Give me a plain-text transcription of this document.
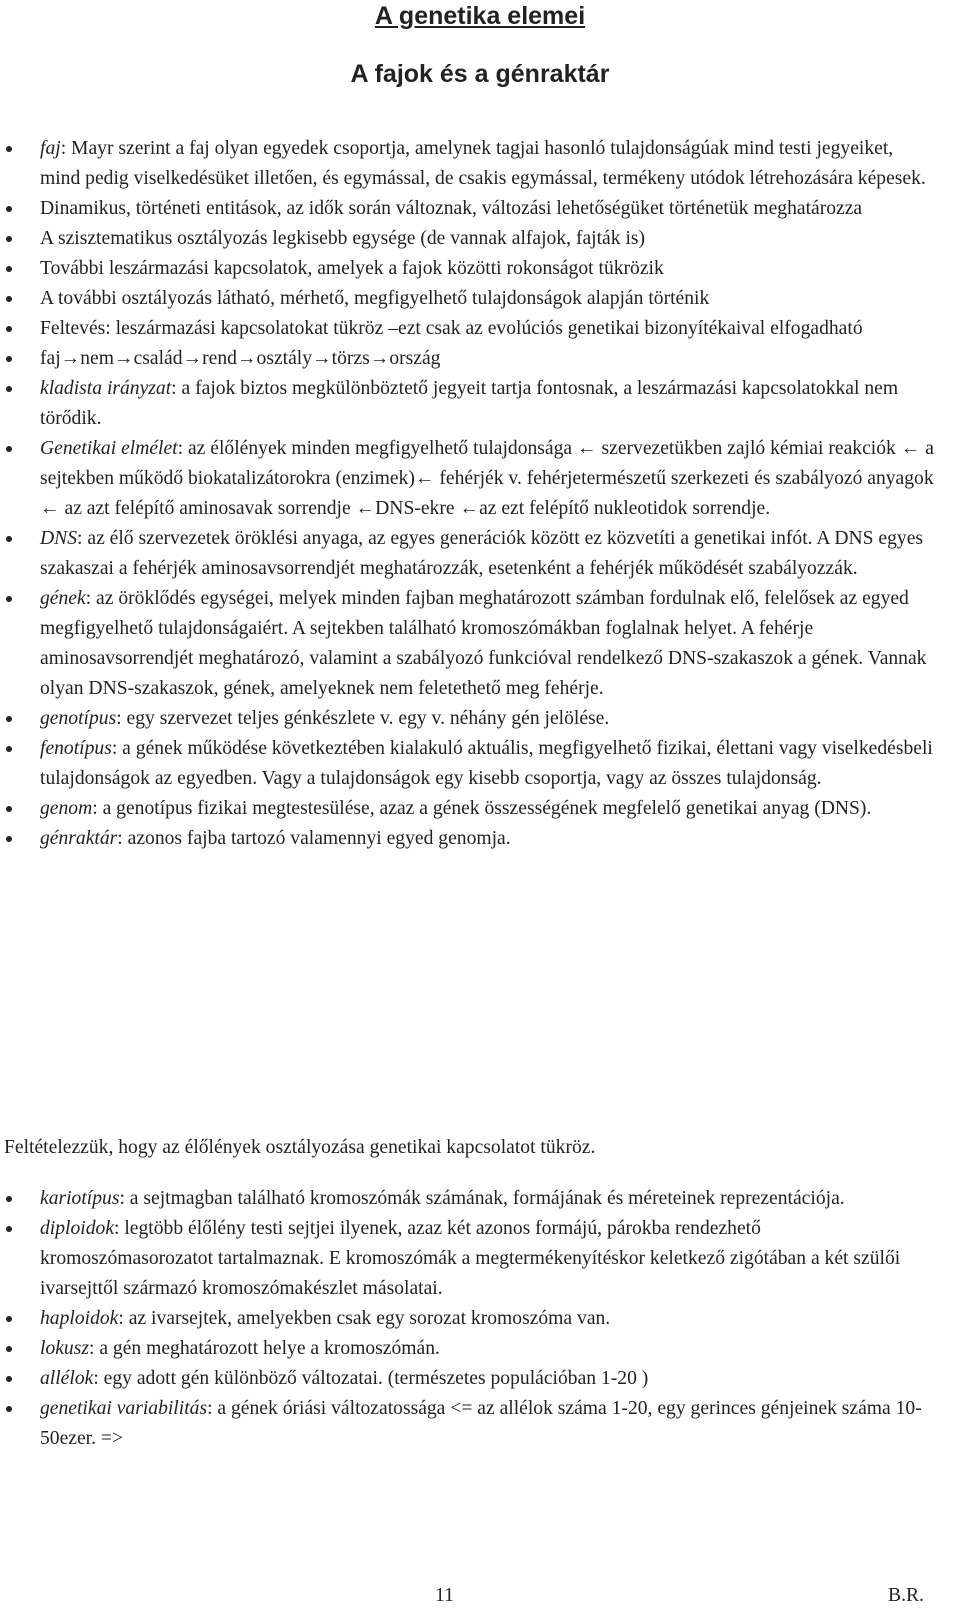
A genetika elemei
A fajok és a génraktár
faj: Mayr szerint a faj olyan egyedek csoportja, amelynek tagjai hasonló tulajdonságúak mind testi jegyeiket, mind pedig viselkedésüket illetően, és egymással, de csakis egymással, termékeny utódok létrehozására képesek.
Dinamikus, történeti entitások, az idők során változnak, változási lehetőségüket történetük meghatározza
A szisztematikus osztályozás legkisebb egysége (de vannak alfajok, fajták is)
További leszármazási kapcsolatok, amelyek a fajok közötti rokonságot tükrözik
A további osztályozás látható, mérhető, megfigyelhető tulajdonságok alapján történik
Feltevés: leszármazási kapcsolatokat tükröz –ezt csak az evolúciós genetikai bizonyítékaival elfogadható
faj→nem→család→rend→osztály→törzs→ország
kladista irányzat: a fajok biztos megkülönböztető jegyeit tartja fontosnak, a leszármazási kapcsolatokkal nem törődik.
Genetikai elmélet: az élőlények minden megfigyelhető tulajdonsága ← szervezetükben zajló kémiai reakciók ← a sejtekben működő biokatalizátorokra (enzimek)← fehérjék v. fehérjetermészetű szerkezeti és szabályozó anyagok ← az azt felépítő aminosavak sorrendje ←DNS-ekre ←az ezt felépítő nukleotidok sorrendje.
DNS: az élő szervezetek öröklési anyaga, az egyes generációk között ez közvetíti a genetikai infót. A DNS egyes szakaszai a fehérjék aminosavsorrendjét meghatározzák, esetenként a fehérjék működését szabályozzák.
gének: az öröklődés egységei, melyek minden fajban meghatározott számban fordulnak elő, felelősek az egyed megfigyelhető tulajdonságaiért. A sejtekben található kromoszómákban foglalnak helyet. A fehérje aminosavsorrendjét meghatározó, valamint a szabályozó funkcióval rendelkező DNS-szakaszok a gének. Vannak olyan DNS-szakaszok, gének, amelyeknek nem feletethető meg fehérje.
genotípus: egy szervezet teljes génkészlete v. egy v. néhány gén jelölése.
fenotípus: a gének működése következtében kialakuló aktuális, megfigyelhető fizikai, élettani vagy viselkedésbeli tulajdonságok az egyedben. Vagy a tulajdonságok egy kisebb csoportja, vagy az összes tulajdonság.
genom: a genotípus fizikai megtestesülése, azaz a gének összességének megfelelő genetikai anyag (DNS).
génraktár: azonos fajba tartozó valamennyi egyed genomja.
Feltételezzük, hogy az élőlények osztályozása genetikai kapcsolatot tükröz.
kariotípus: a sejtmagban található kromoszómák számának, formájának és méreteinek reprezentációja.
diploidok: legtöbb élőlény testi sejtjei ilyenek, azaz két azonos formájú, párokba rendezhető kromoszómasorozatot tartalmaznak. E kromoszómák a megtermékenyítéskor keletkező zigótában a két szülői ivarsejttől származó kromoszómakészlet másolatai.
haploidok: az ivarsejtek, amelyekben csak egy sorozat kromoszóma van.
lokusz: a gén meghatározott helye a kromoszómán.
allélok: egy adott gén különböző változatai. (természetes populációban 1-20 )
genetikai variabilitás: a gének óriási változatossága <= az allélok száma 1-20, egy gerinces génjeinek száma 10-50ezer. =>
11	B.R.
